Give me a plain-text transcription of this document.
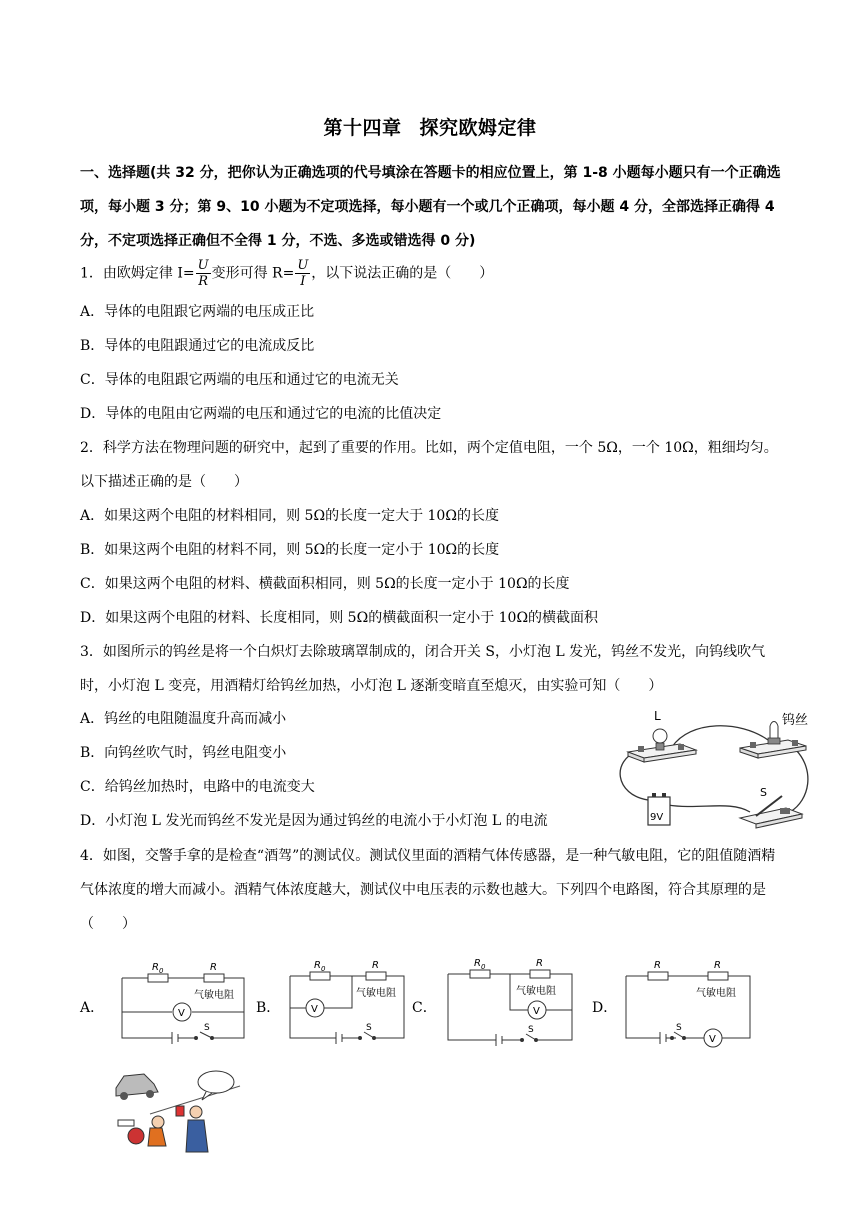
第十四章 探究欧姆定律
一、选择题(共 32 分，把你认为正确选项的代号填涂在答题卡的相应位置上，第 1-8 小题每小题只有一个正确选项，每小题 3 分；第 9、10 小题为不定项选择，每小题有一个或几个正确项，每小题 4 分，全部选择正确得 4 分，不定项选择正确但不全得 1 分，不选、多选或错选得 0 分)
1．由欧姆定律 $I= \frac{U}{R}$ 变形可得 $R= \frac{U}{I}$ ，以下说法正确的是（　　）
A．导体的电阻跟它两端的电压成正比
B．导体的电阻跟通过它的电流成反比
C．导体的电阻跟它两端的电压和通过它的电流无关
D．导体的电阻由它两端的电压和通过它的电流的比值决定
2．科学方法在物理问题的研究中，起到了重要的作用。比如，两个定值电阻，一个 5Ω，一个 10Ω，粗细均匀。以下描述正确的是（　　）
A．如果这两个电阻的材料相同，则 5Ω的长度一定大于 10Ω的长度
B．如果这两个电阻的材料不同，则 5Ω的长度一定小于 10Ω的长度
C．如果这两个电阻的材料、横截面积相同，则 5Ω的长度一定小于 10Ω的长度
D．如果这两个电阻的材料、长度相同，则 5Ω的横截面积一定小于 10Ω的横截面积
3．如图所示的钨丝是将一个白炽灯去除玻璃罩制成的，闭合开关 S，小灯泡 L 发光，钨丝不发光，向钨线吹气时，小灯泡 L 变亮，用酒精灯给钨丝加热，小灯泡 L 逐渐变暗直至熄灭，由实验可知（　　）
A．钨丝的电阻随温度升高而减小
B．向钨丝吹气时，钨丝电阻变小
C．给钨丝加热时，电路中的电流变大
D．小灯泡 L 发光而钨丝不发光是因为通过钨丝的电流小于小灯泡 L 的电流
L	钨丝
9V
S
4．如图，交警手拿的是检查“酒驾”的测试仪。测试仪里面的酒精气体传感器，是一种气敏电阻，它的阻值随酒精气体浓度的增大而减小。酒精气体浓度越大，测试仪中电压表的示数也越大。下列四个电路图，符合其原理的是（　　）
A．	V
$R_0$	R
气敏电阻
S
B．	V
$R_0$	R
气敏电阻
S
C．	V
$R_0$	R
气敏电阻
S
D．
V
R	R
气敏电阻
S
